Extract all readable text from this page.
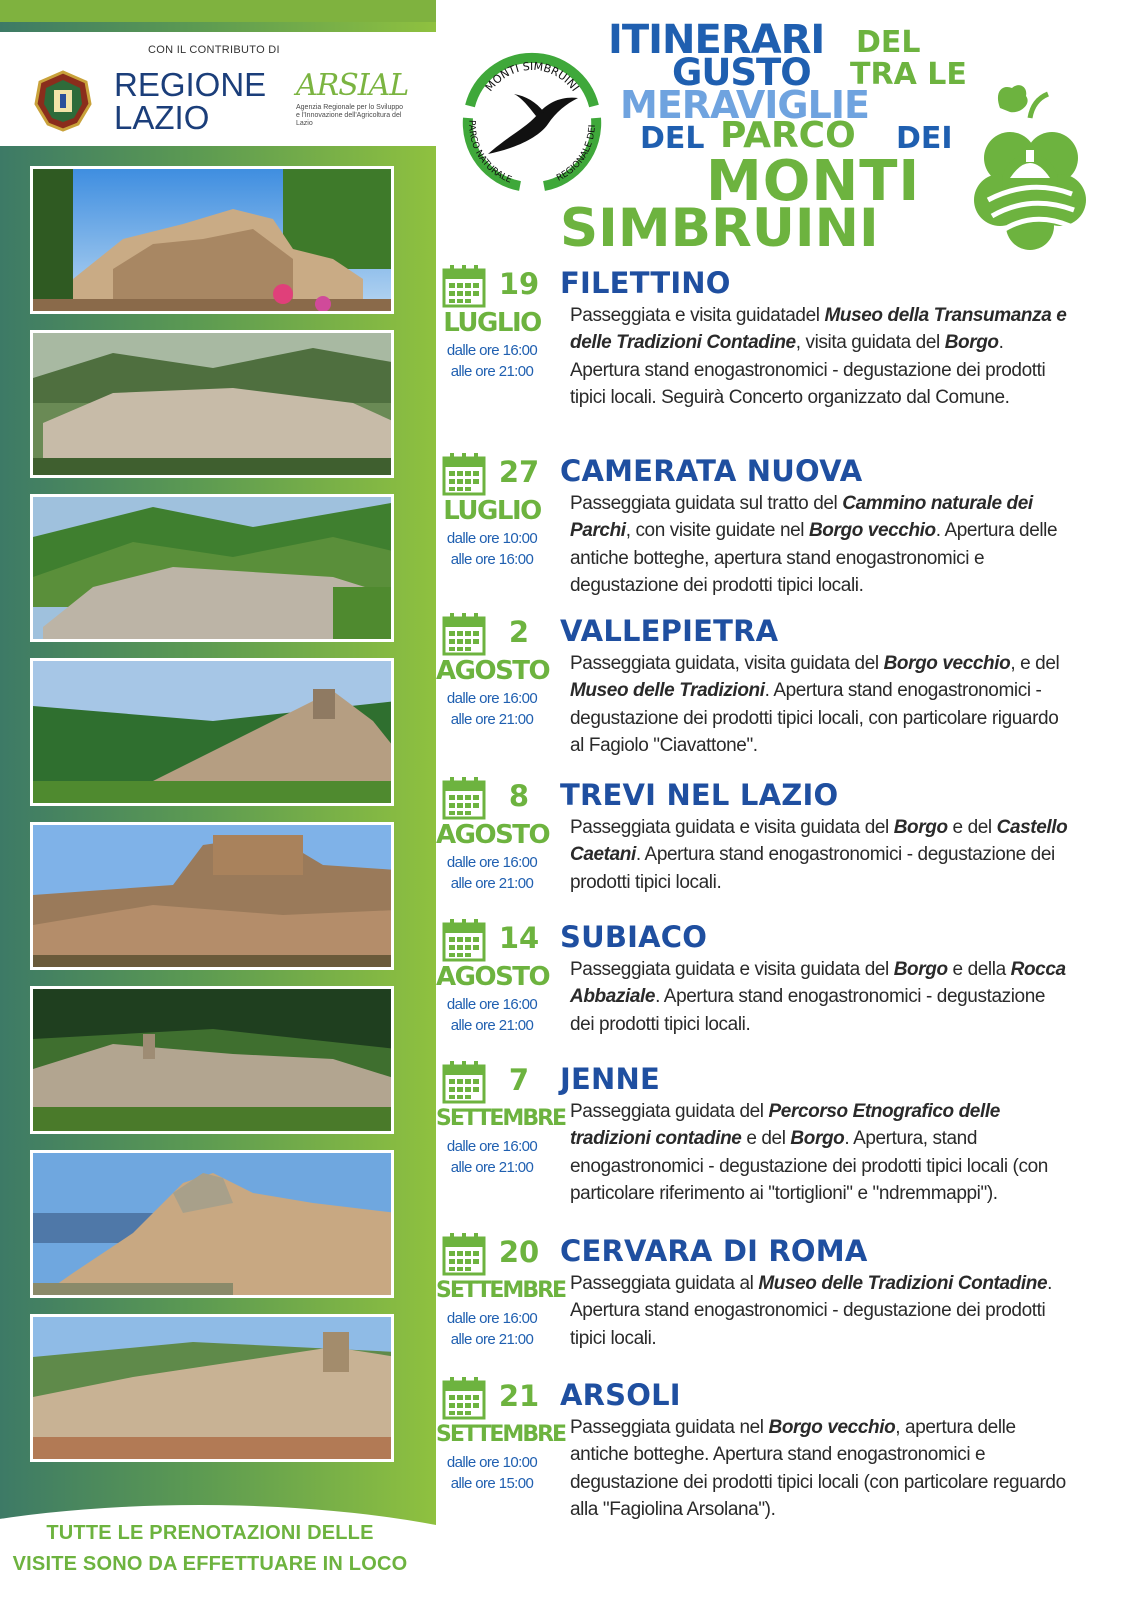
CON IL CONTRIBUTO DI
REGIONE
LAZIO
ARSIAL
Agenzia Regionale per lo Sviluppo e l'Innovazione dell'Agricoltura del Lazio
TUTTE LE PRENOTAZIONI DELLE
VISITE SONO DA EFFETTUARE IN LOCO
MONTI SIMBRUINI
PARCO NATURALE	REGIONALE DEI
ITINERARI DEL
GUSTO TRA LE
MERAVIGLIE
DEL PARCO DEI
MONTI
SIMBRUINI
19
LUGLIO
dalle ore 16:00
alle ore 21:00
FILETTINO
Passeggiata e visita guidatadel Museo della Transumanza e delle Tradizioni Contadine, visita guidata del Borgo. Apertura stand enogastronomici - degustazione dei prodotti tipici locali. Seguirà Concerto organizzato dal Comune.
27
LUGLIO
dalle ore 10:00
alle ore 16:00
CAMERATA NUOVA
Passeggiata guidata sul tratto del Cammino naturale dei Parchi, con visite guidate nel Borgo vecchio. Apertura delle antiche botteghe, apertura stand enogastronomici e degustazione dei prodotti tipici locali.
2
AGOSTO
dalle ore 16:00
alle ore 21:00
VALLEPIETRA
Passeggiata guidata, visita guidata del Borgo vecchio, e del Museo delle Tradizioni. Apertura stand enogastronomici - degustazione dei prodotti tipici locali, con particolare riguardo al Fagiolo "Ciavattone".
8
AGOSTO
dalle ore 16:00
alle ore 21:00
TREVI NEL LAZIO
Passeggiata guidata e visita guidata del Borgo e del Castello Caetani. Apertura stand enogastronomici - degustazione dei prodotti tipici locali.
14
AGOSTO
dalle ore 16:00
alle ore 21:00
SUBIACO
Passeggiata guidata e visita guidata del Borgo e della Rocca Abbaziale. Apertura stand enogastronomici - degustazione dei prodotti tipici locali.
7
SETTEMBRE
dalle ore 16:00
alle ore 21:00
JENNE
Passeggiata guidata del Percorso Etnografico delle tradizioni contadine e del Borgo. Apertura, stand enogastronomici - degustazione dei prodotti tipici locali (con particolare riferimento ai "tortiglioni" e "ndremmappi").
20
SETTEMBRE
dalle ore 16:00
alle ore 21:00
CERVARA DI ROMA
Passeggiata guidata al Museo delle Tradizioni Contadine. Apertura stand enogastronomici - degustazione dei prodotti tipici locali.
21
SETTEMBRE
dalle ore 10:00
alle ore 15:00
ARSOLI
Passeggiata guidata nel Borgo vecchio, apertura delle antiche botteghe. Apertura stand enogastronomici e degustazione dei prodotti tipici locali (con particolare reguardo alla "Fagiolina Arsolana").
